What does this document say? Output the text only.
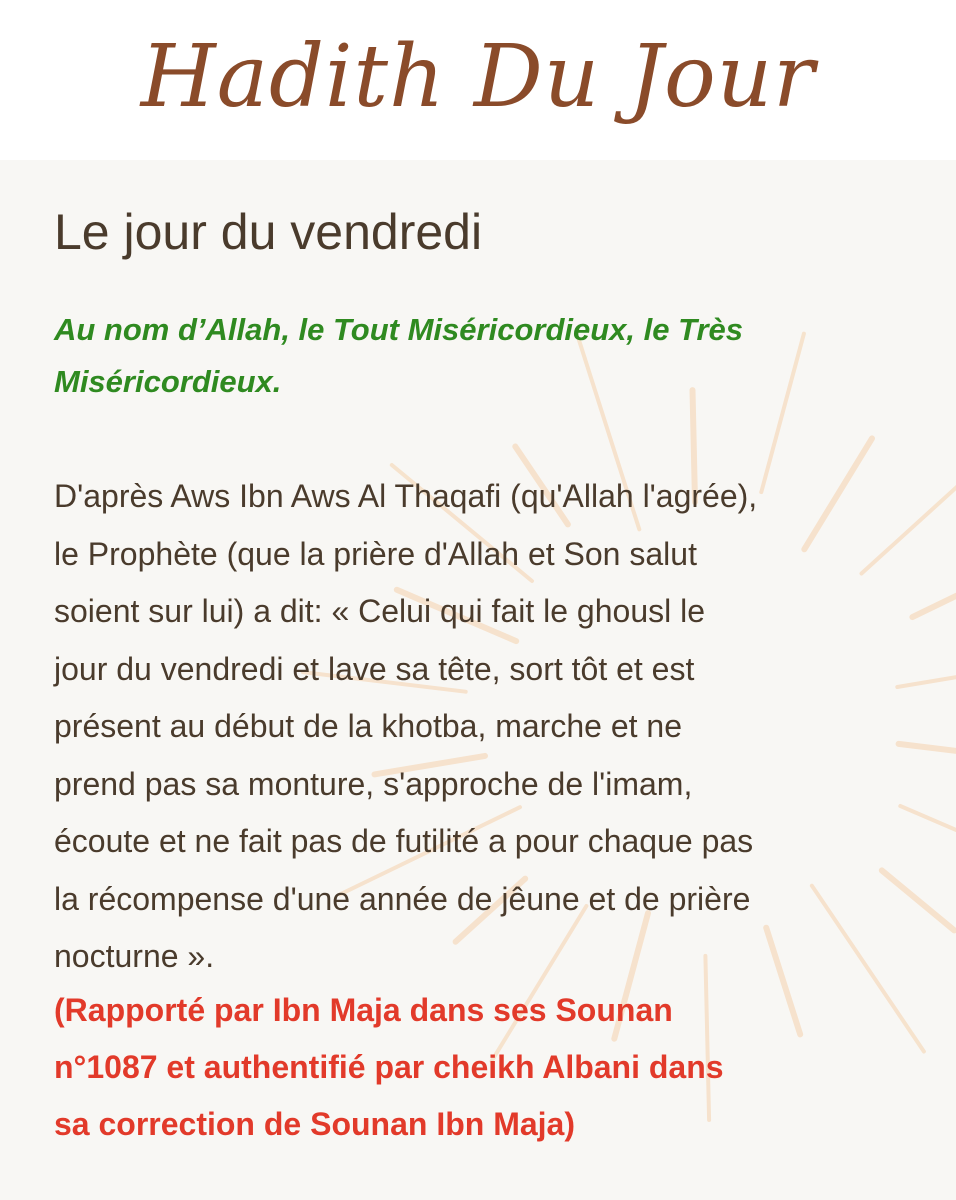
Hadith Du Jour
Le jour du vendredi
Au nom d’Allah, le Tout Miséricordieux, le Très
Miséricordieux.
D'après Aws Ibn Aws Al Thaqafi (qu'Allah l'agrée),
le Prophète (que la prière d'Allah et Son salut
soient sur lui) a dit: « Celui qui fait le ghousl le
jour du vendredi et lave sa tête, sort tôt et est
présent au début de la khotba, marche et ne
prend pas sa monture, s'approche de l'imam,
écoute et ne fait pas de futilité a pour chaque pas
la récompense d'une année de jêune et de prière
nocturne ».
(Rapporté par Ibn Maja dans ses Sounan
n°1087 et authentifié par cheikh Albani dans
sa correction de Sounan Ibn Maja)
